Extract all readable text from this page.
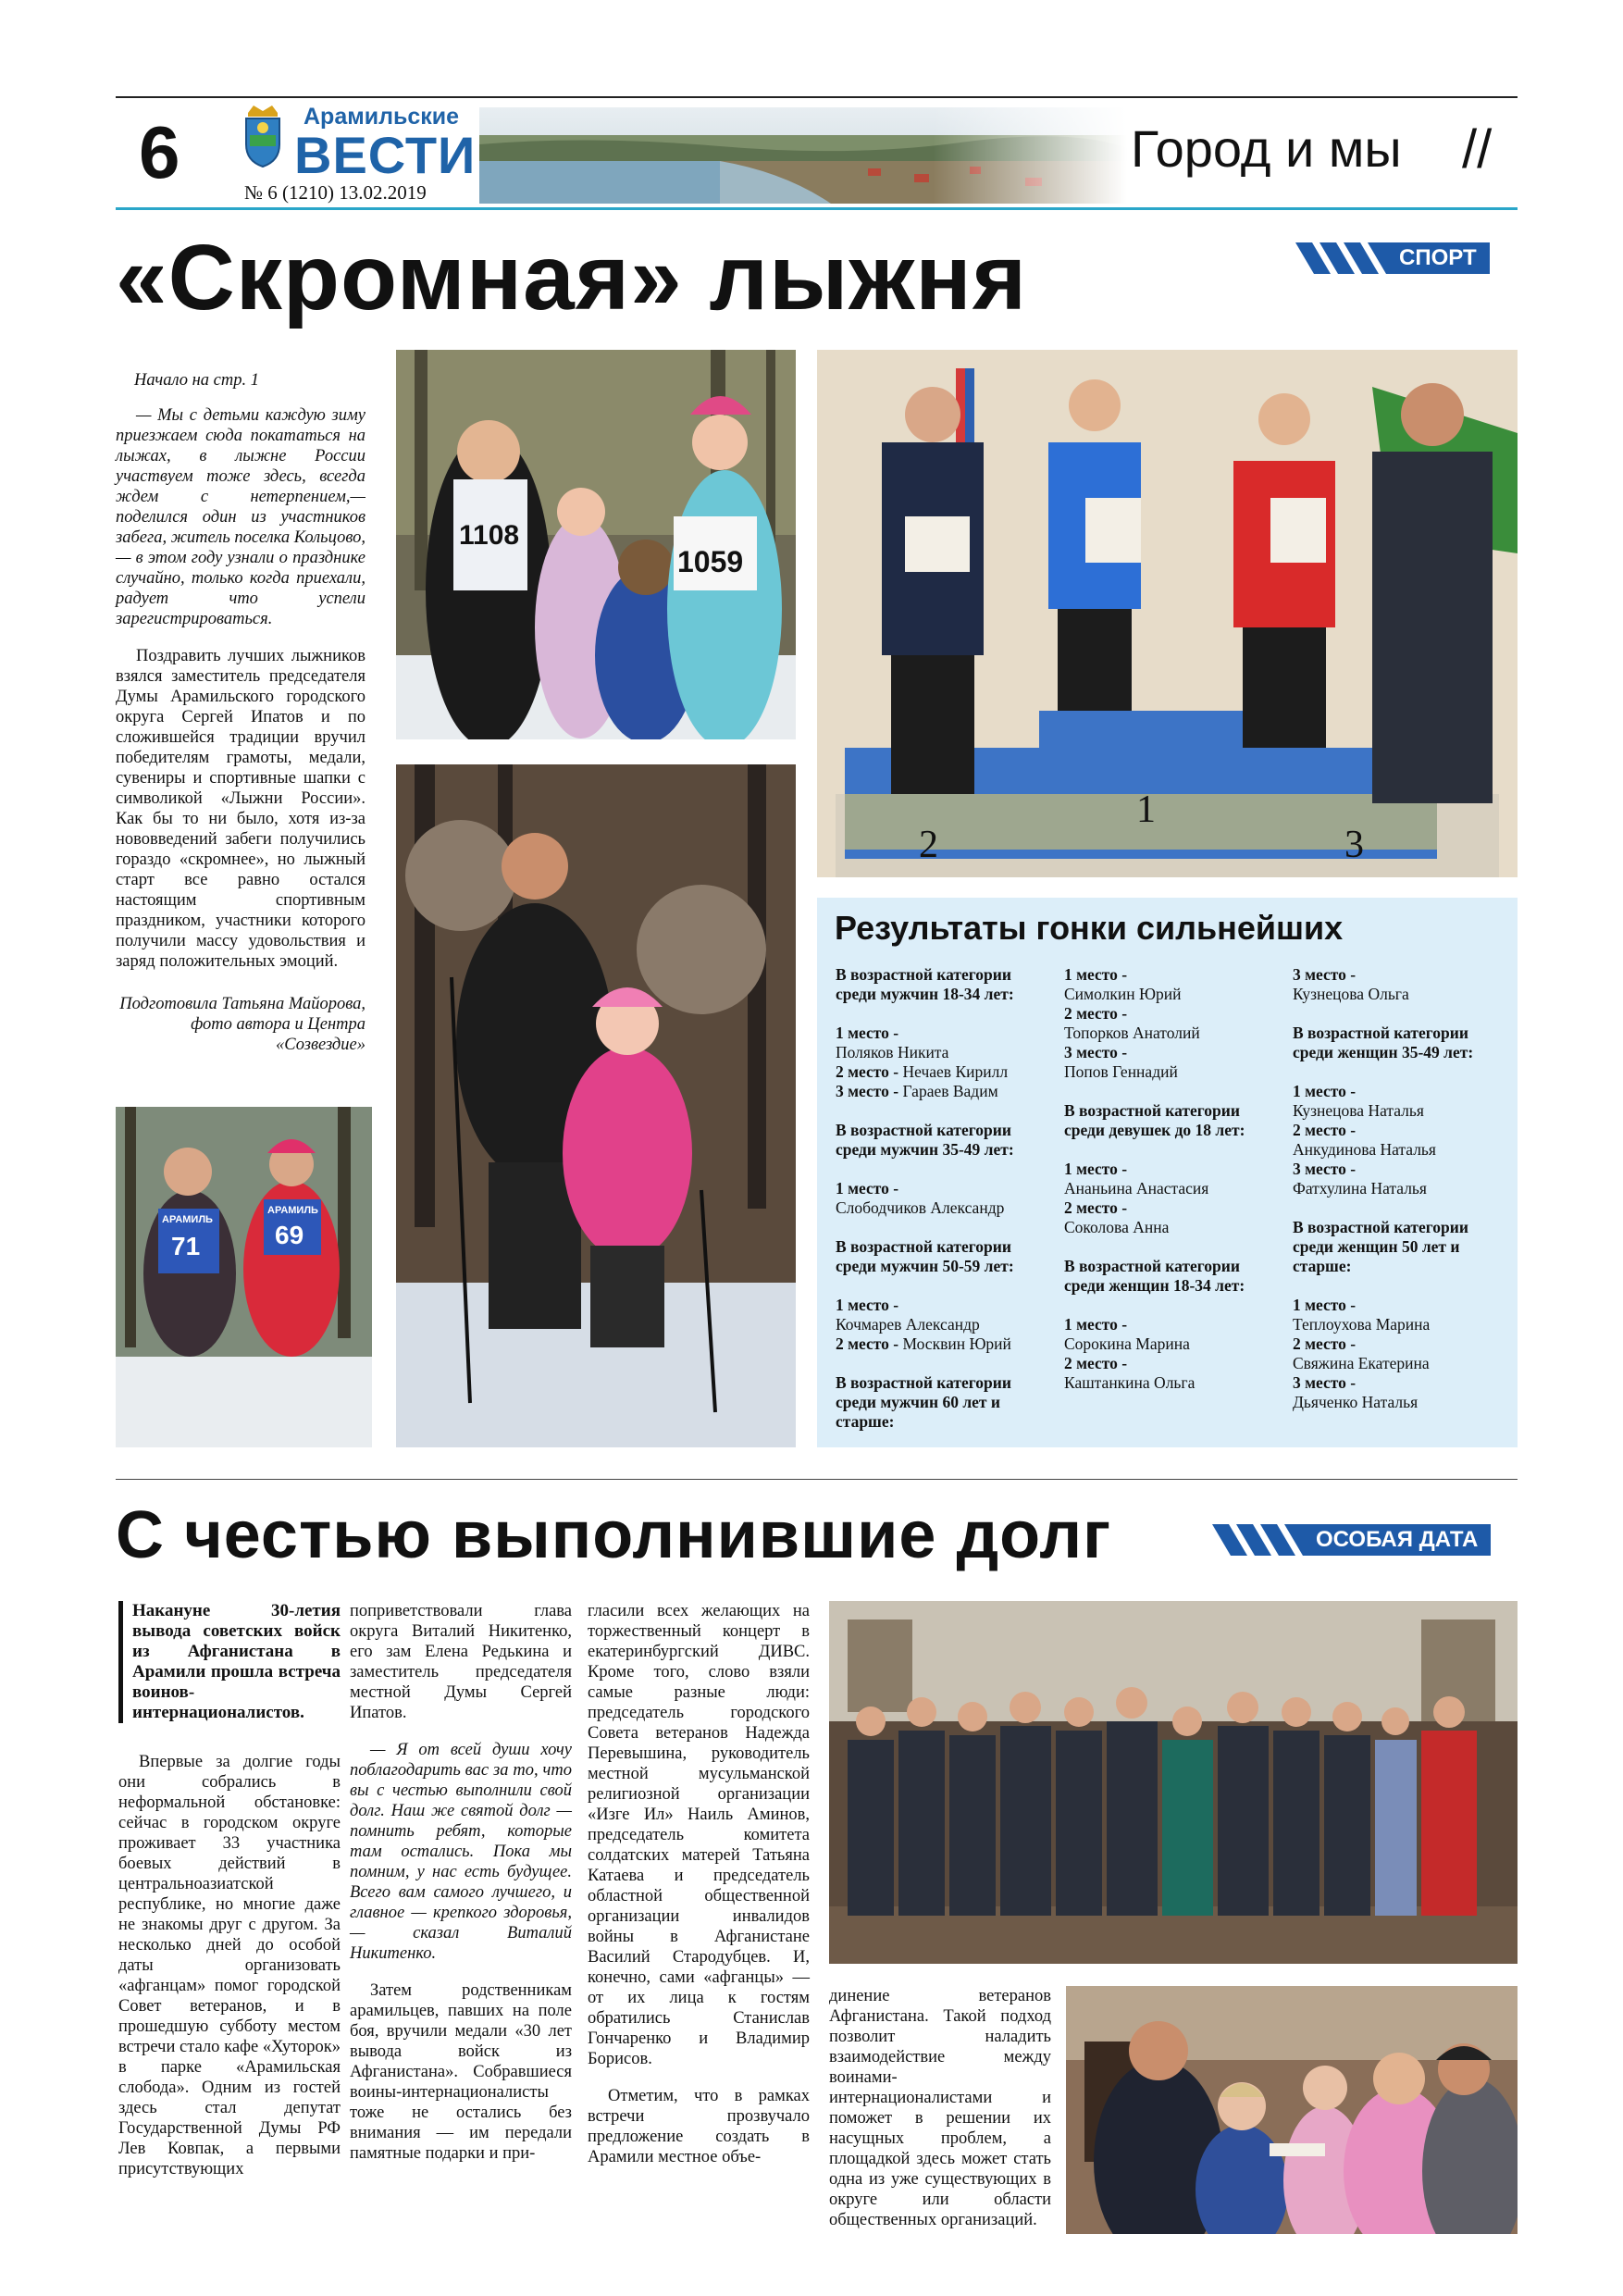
6	Арамильские
ВЕСТИ
№ 6 (1210) 13.02.2019
Город и мы //
«Скромная» лыжня	СПОРТ
Начало на стр. 1

— Мы с детьми каждую зиму приезжаем сюда покататься на лыжах, в лыжне России участвуем тоже здесь, всегда ждем с нетерпением,— поделился один из участников забега, житель поселка Кольцово,— в этом году узнали о празднике случайно, только когда приехали, радует что успели зарегистрироваться.

Поздравить лучших лыжников взялся заместитель председателя Думы Арамильского городского округа Сергей Ипатов и по сложившейся традиции вручил победителям грамоты, медали, сувениры и спортивные шапки с символикой «Лыжни России». Как бы то ни было, хотя из-за нововведений забеги получились гораздо «скромнее», но лыжный старт все равно остался настоящим спортивным праздником, участники которого получили массу удовольствия и заряд положительных эмоций.

Подготовила Татьяна Майорова, фото автора и Центра «Созвездие»
1108
1059
АРАМИЛЬ
71
АРАМИЛЬ
69
2
1
3
Результаты гонки сильнейших
В возрастной категории среди мужчин 18-34 лет:
1 место -
Поляков Никита
2 место - Нечаев Кирилл
3 место - Гараев Вадим
В возрастной категории среди мужчин 35-49 лет:
1 место -
Слободчиков Александр
В возрастной категории среди мужчин 50-59 лет:
1 место -
Кочмарев Александр
2 место - Москвин Юрий
В возрастной категории среди мужчин 60 лет и старше:
1 место -
Симолкин Юрий
2 место -
Топорков Анатолий
3 место -
Попов Геннадий
В возрастной категории среди девушек до 18 лет:
1 место -
Ананьина Анастасия
2 место -
Соколова Анна
В возрастной категории среди женщин 18-34 лет:
1 место -
Сорокина Марина
2 место -
Каштанкина Ольга
3 место -
Кузнецова Ольга
В возрастной категории среди женщин 35-49 лет:
1 место -
Кузнецова Наталья
2 место -
Анкудинова Наталья
3 место -
Фатхулина Наталья
В возрастной категории среди женщин 50 лет и старше:
1 место -
Теплоухова Марина
2 место -
Свяжина Екатерина
3 место -
Дьяченко Наталья
С честью выполнившие долг	ОСОБАЯ ДАТА
Накануне 30-летия вывода советских войск из Афганистана в Арамили прошла встреча воинов-интернационалистов.

Впервые за долгие годы они собрались в неформальной обстановке: сейчас в городском округе проживает 33 участника боевых действий в центральноазиатской республике, но многие даже не знакомы друг с другом. За несколько дней до особой даты организовать «афганцам» помог городской Совет ветеранов, и в прошедшую субботу местом встречи стало кафе «Хуторок» в парке «Арамильская слобода». Одним из гостей здесь стал депутат Государственной Думы РФ Лев Ковпак, а первыми присутствующих

поприветствовали глава округа Виталий Никитенко, его зам Елена Редькина и заместитель председателя местной Думы Сергей Ипатов.

— Я от всей души хочу поблагодарить вас за то, что вы с честью выполнили свой долг. Наш же святой долг — помнить ребят, которые там остались. Пока мы помним, у нас есть будущее. Всего вам самого лучшего, и главное — крепкого здоровья, — сказал Виталий Никитенко.

Затем родственникам арамильцев, павших на поле боя, вручили медали «30 лет вывода войск из Афганистана». Собравшиеся воины-интернационалисты тоже не остались без внимания — им передали памятные подарки и при-

гласили всех желающих на торжественный концерт в екатеринбургский ДИВС. Кроме того, слово взяли самые разные люди: председатель городского Совета ветеранов Надежда Перевышина, руководитель местной мусульманской религиозной организации «Изге Ил» Наиль Аминов, председатель комитета солдатских матерей Татьяна Катаева и председатель областной общественной организации инвалидов войны в Афганистане Василий Стародубцев. И, конечно, сами «афганцы» — от их лица к гостям обратились Станислав Гончаренко и Владимир Борисов.

Отметим, что в рамках встречи прозвучало предложение создать в Арамили местное объе-

динение ветеранов Афганистана. Такой подход позволит наладить взаимодействие между воинами-интернационалистами и поможет в решении их насущных проблем, а площадкой здесь может стать одна из уже существующих в округе или области общественных организаций.
